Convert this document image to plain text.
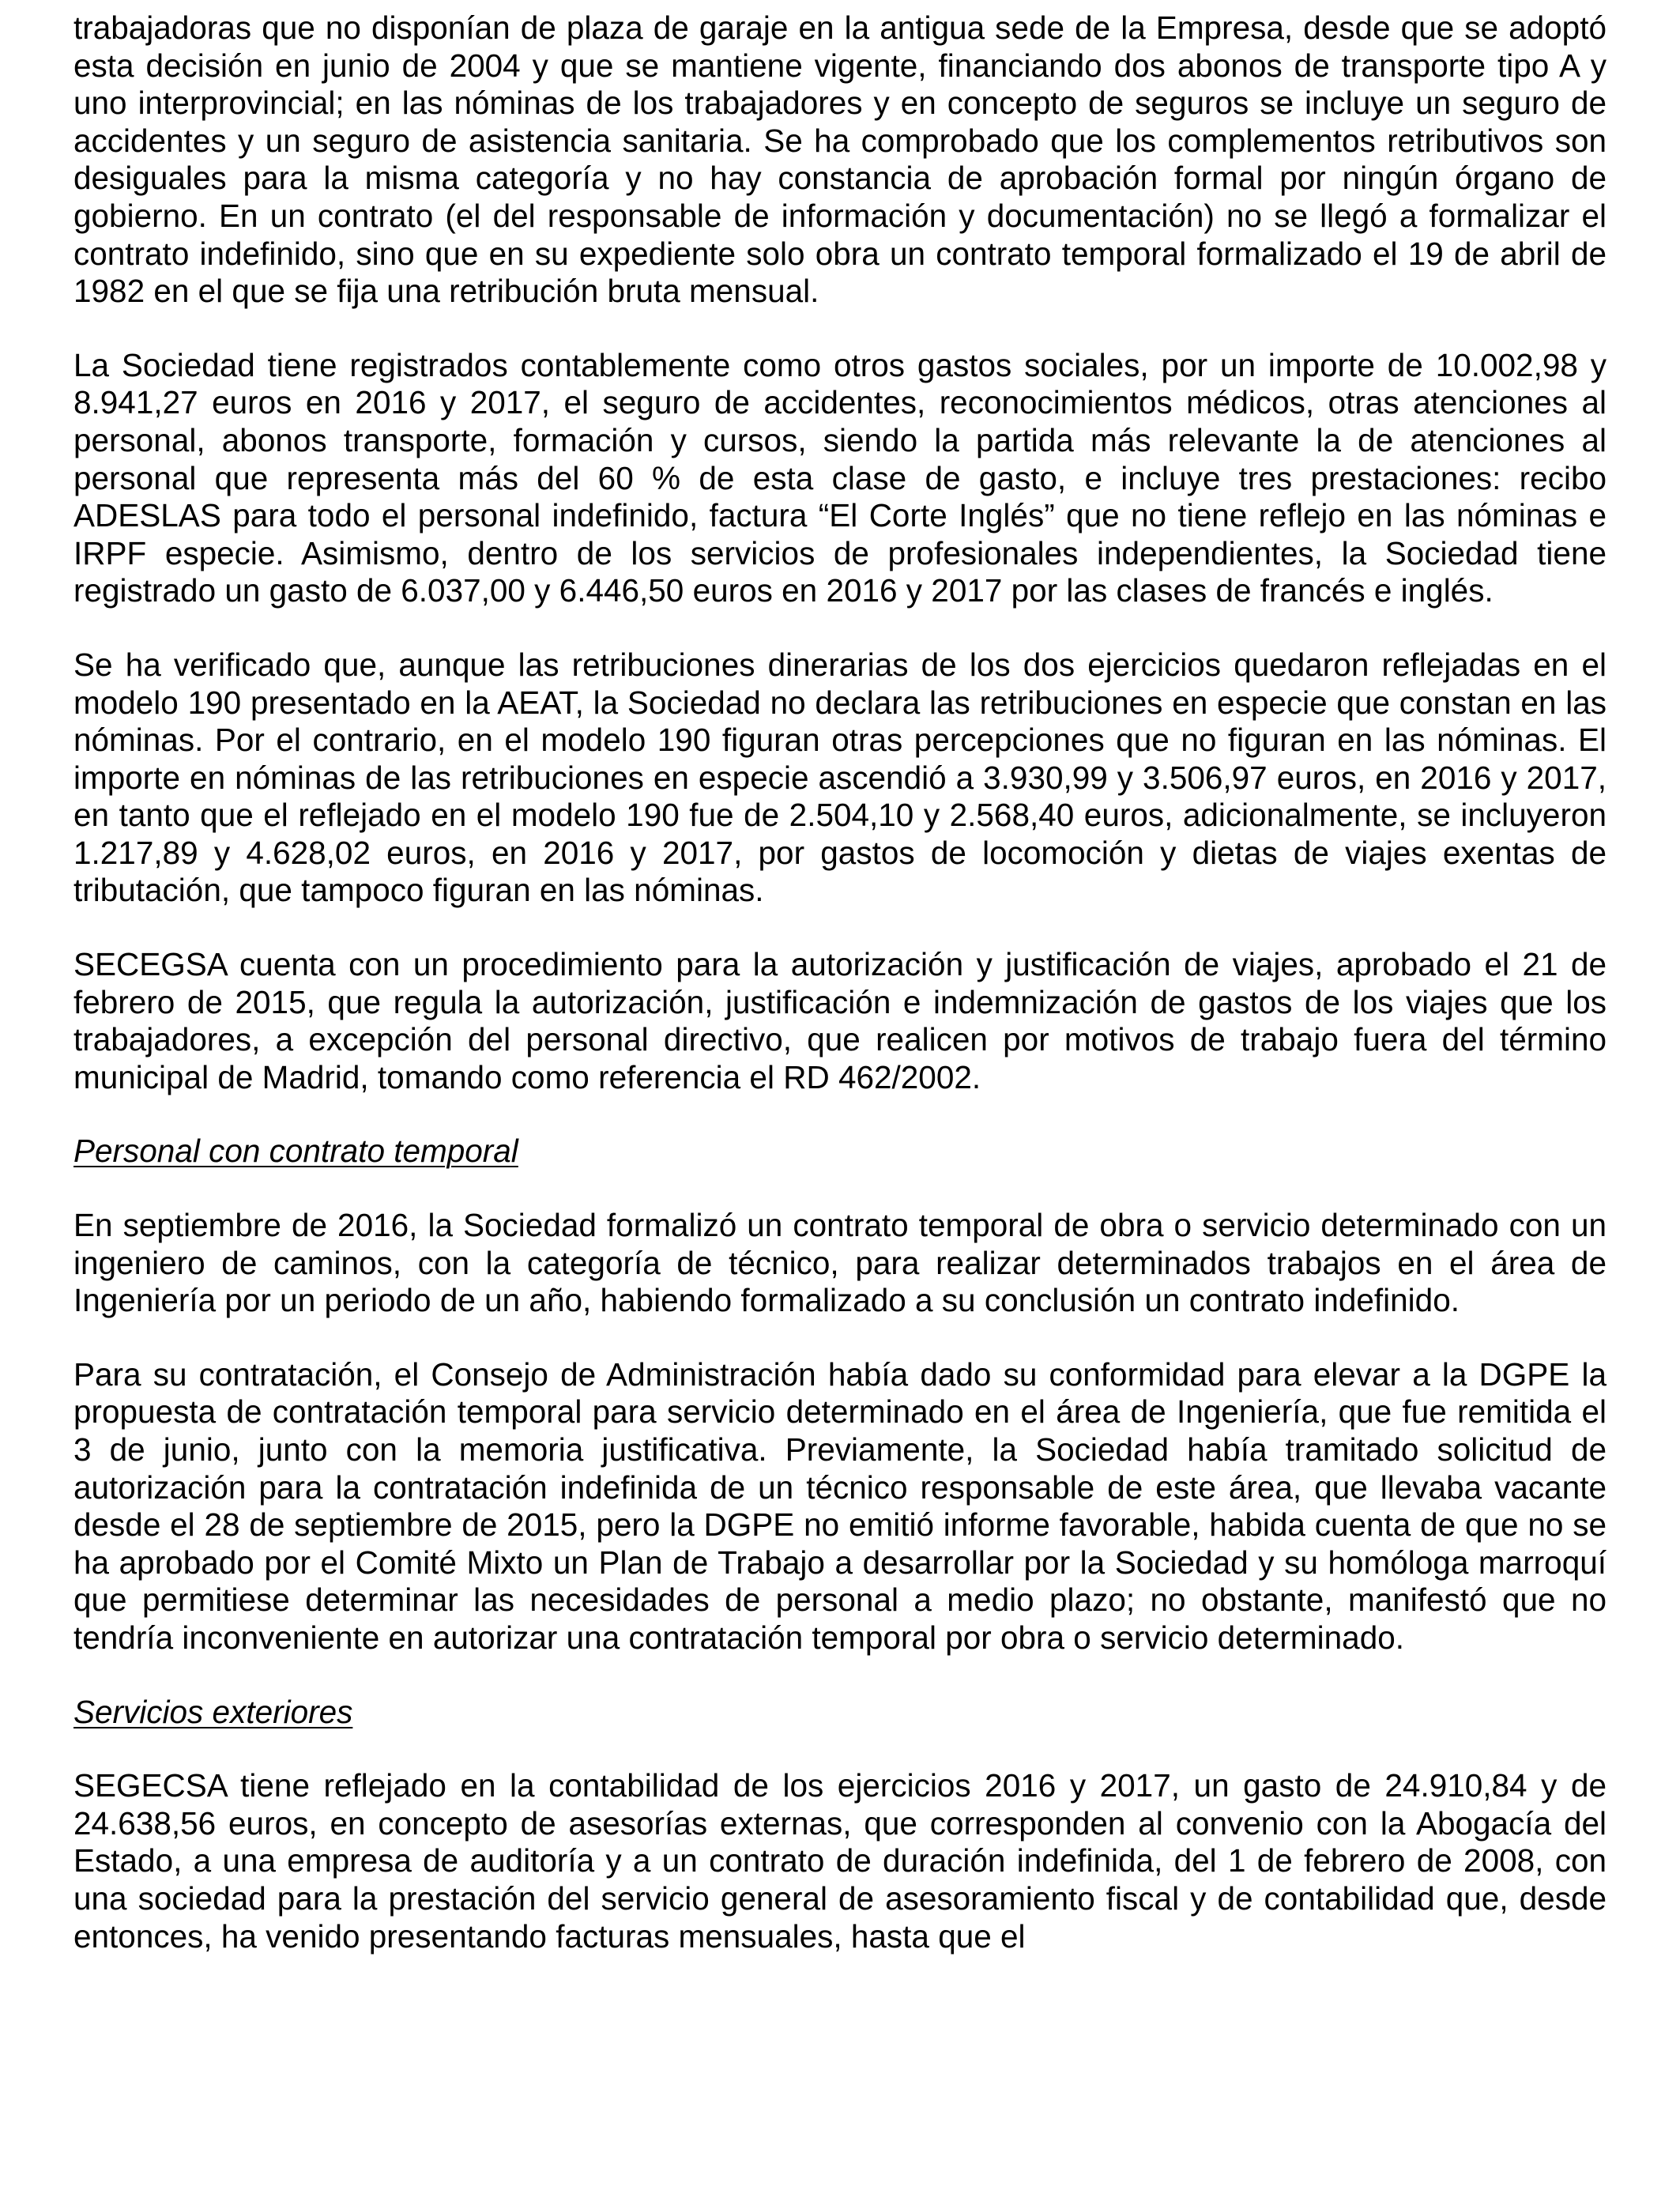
trabajadoras que no disponían de plaza de garaje en la antigua sede de la Empresa, desde que se adoptó esta decisión en junio de 2004 y que se mantiene vigente, financiando dos abonos de transporte tipo A y uno interprovincial; en las nóminas de los trabajadores y en concepto de seguros se incluye un seguro de accidentes y un seguro de asistencia sanitaria. Se ha comprobado que los complementos retributivos son desiguales para la misma categoría y no hay constancia de aprobación formal por ningún órgano de gobierno. En un contrato (el del responsable de información y documentación) no se llegó a formalizar el contrato indefinido, sino que en su expediente solo obra un contrato temporal formalizado el 19 de abril de 1982 en el que se fija una retribución bruta mensual.

La Sociedad tiene registrados contablemente como otros gastos sociales, por un importe de 10.002,98 y 8.941,27 euros en 2016 y 2017, el seguro de accidentes, reconocimientos médicos, otras atenciones al personal, abonos transporte, formación y cursos, siendo la partida más relevante la de atenciones al personal que representa más del 60 % de esta clase de gasto, e incluye tres prestaciones: recibo ADESLAS para todo el personal indefinido, factura “El Corte Inglés” que no tiene reflejo en las nóminas e IRPF especie. Asimismo, dentro de los servicios de profesionales independientes, la Sociedad tiene registrado un gasto de 6.037,00 y 6.446,50 euros en 2016 y 2017 por las clases de francés e inglés.

Se ha verificado que, aunque las retribuciones dinerarias de los dos ejercicios quedaron reflejadas en el modelo 190 presentado en la AEAT, la Sociedad no declara las retribuciones en especie que constan en las nóminas. Por el contrario, en el modelo 190 figuran otras percepciones que no figuran en las nóminas. El importe en nóminas de las retribuciones en especie ascendió a 3.930,99 y 3.506,97 euros, en 2016 y 2017, en tanto que el reflejado en el modelo 190 fue de 2.504,10 y 2.568,40 euros, adicionalmente, se incluyeron 1.217,89 y 4.628,02 euros, en 2016 y 2017, por gastos de locomoción y dietas de viajes exentas de tributación, que tampoco figuran en las nóminas.

SECEGSA cuenta con un procedimiento para la autorización y justificación de viajes, aprobado el 21 de febrero de 2015, que regula la autorización, justificación e indemnización de gastos de los viajes que los trabajadores, a excepción del personal directivo, que realicen por motivos de trabajo fuera del término municipal de Madrid, tomando como referencia el RD 462/2002.

Personal con contrato temporal

En septiembre de 2016, la Sociedad formalizó un contrato temporal de obra o servicio determinado con un ingeniero de caminos, con la categoría de técnico, para realizar determinados trabajos en el área de Ingeniería por un periodo de un año, habiendo formalizado a su conclusión un contrato indefinido.

Para su contratación, el Consejo de Administración había dado su conformidad para elevar a la DGPE la propuesta de contratación temporal para servicio determinado en el área de Ingeniería, que fue remitida el 3 de junio, junto con la memoria justificativa. Previamente, la Sociedad había tramitado solicitud de autorización para la contratación indefinida de un técnico responsable de este área, que llevaba vacante desde el 28 de septiembre de 2015, pero la DGPE no emitió informe favorable, habida cuenta de que no se ha aprobado por el Comité Mixto un Plan de Trabajo a desarrollar por la Sociedad y su homóloga marroquí que permitiese determinar las necesidades de personal a medio plazo; no obstante, manifestó que no tendría inconveniente en autorizar una contratación temporal por obra o servicio determinado.

Servicios exteriores

SEGECSA tiene reflejado en la contabilidad de los ejercicios 2016 y 2017, un gasto de 24.910,84 y de 24.638,56 euros, en concepto de asesorías externas, que corresponden al convenio con la Abogacía del Estado, a una empresa de auditoría y a un contrato de duración indefinida, del 1 de febrero de 2008, con una sociedad para la prestación del servicio general de asesoramiento fiscal y de contabilidad que, desde entonces, ha venido presentando facturas mensuales, hasta que el
